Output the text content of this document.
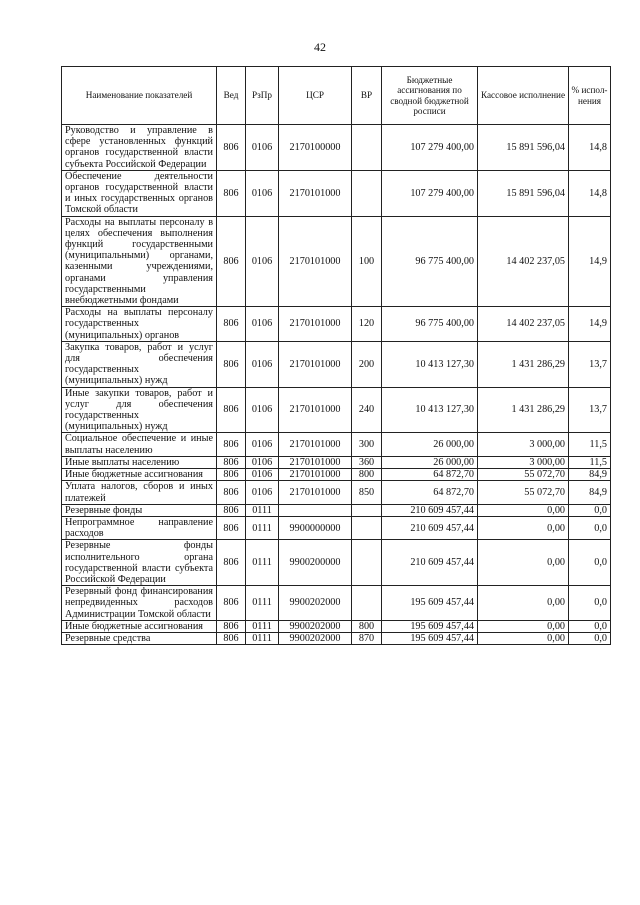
42
Наименование показателей	Вед	РзПр	ЦСР	ВР	Бюджетные ассигнования по сводной бюджетной росписи	Кассовое исполнение	% испол-нения
Руководство и управление в сфере установленных функций органов государственной власти субъекта Российской Федерации	806	0106	2170100000		107 279 400,00	15 891 596,04	14,8
Обеспечение деятельности органов государственной власти и иных государственных органов Томской области	806	0106	2170101000		107 279 400,00	15 891 596,04	14,8
Расходы на выплаты персоналу в целях обеспечения выполнения функций государственными (муниципальными) органами, казенными учреждениями, органами управления государственными внебюджетными фондами	806	0106	2170101000	100	96 775 400,00	14 402 237,05	14,9
Расходы на выплаты персоналу государственных (муниципальных) органов	806	0106	2170101000	120	96 775 400,00	14 402 237,05	14,9
Закупка товаров, работ и услуг для обеспечения государственных (муниципальных) нужд	806	0106	2170101000	200	10 413 127,30	1 431 286,29	13,7
Иные закупки товаров, работ и услуг для обеспечения государственных (муниципальных) нужд	806	0106	2170101000	240	10 413 127,30	1 431 286,29	13,7
Социальное обеспечение и иные выплаты населению	806	0106	2170101000	300	26 000,00	3 000,00	11,5
Иные выплаты населению	806	0106	2170101000	360	26 000,00	3 000,00	11,5
Иные бюджетные ассигнования	806	0106	2170101000	800	64 872,70	55 072,70	84,9
Уплата налогов, сборов и иных платежей	806	0106	2170101000	850	64 872,70	55 072,70	84,9
Резервные фонды	806	0111			210 609 457,44	0,00	0,0
Непрограммное направление расходов	806	0111	9900000000		210 609 457,44	0,00	0,0
Резервные фонды исполнительного органа государственной власти субъекта Российской Федерации	806	0111	9900200000		210 609 457,44	0,00	0,0
Резервный фонд финансирования непредвиденных расходов Администрации Томской области	806	0111	9900202000		195 609 457,44	0,00	0,0
Иные бюджетные ассигнования	806	0111	9900202000	800	195 609 457,44	0,00	0,0
Резервные средства	806	0111	9900202000	870	195 609 457,44	0,00	0,0
